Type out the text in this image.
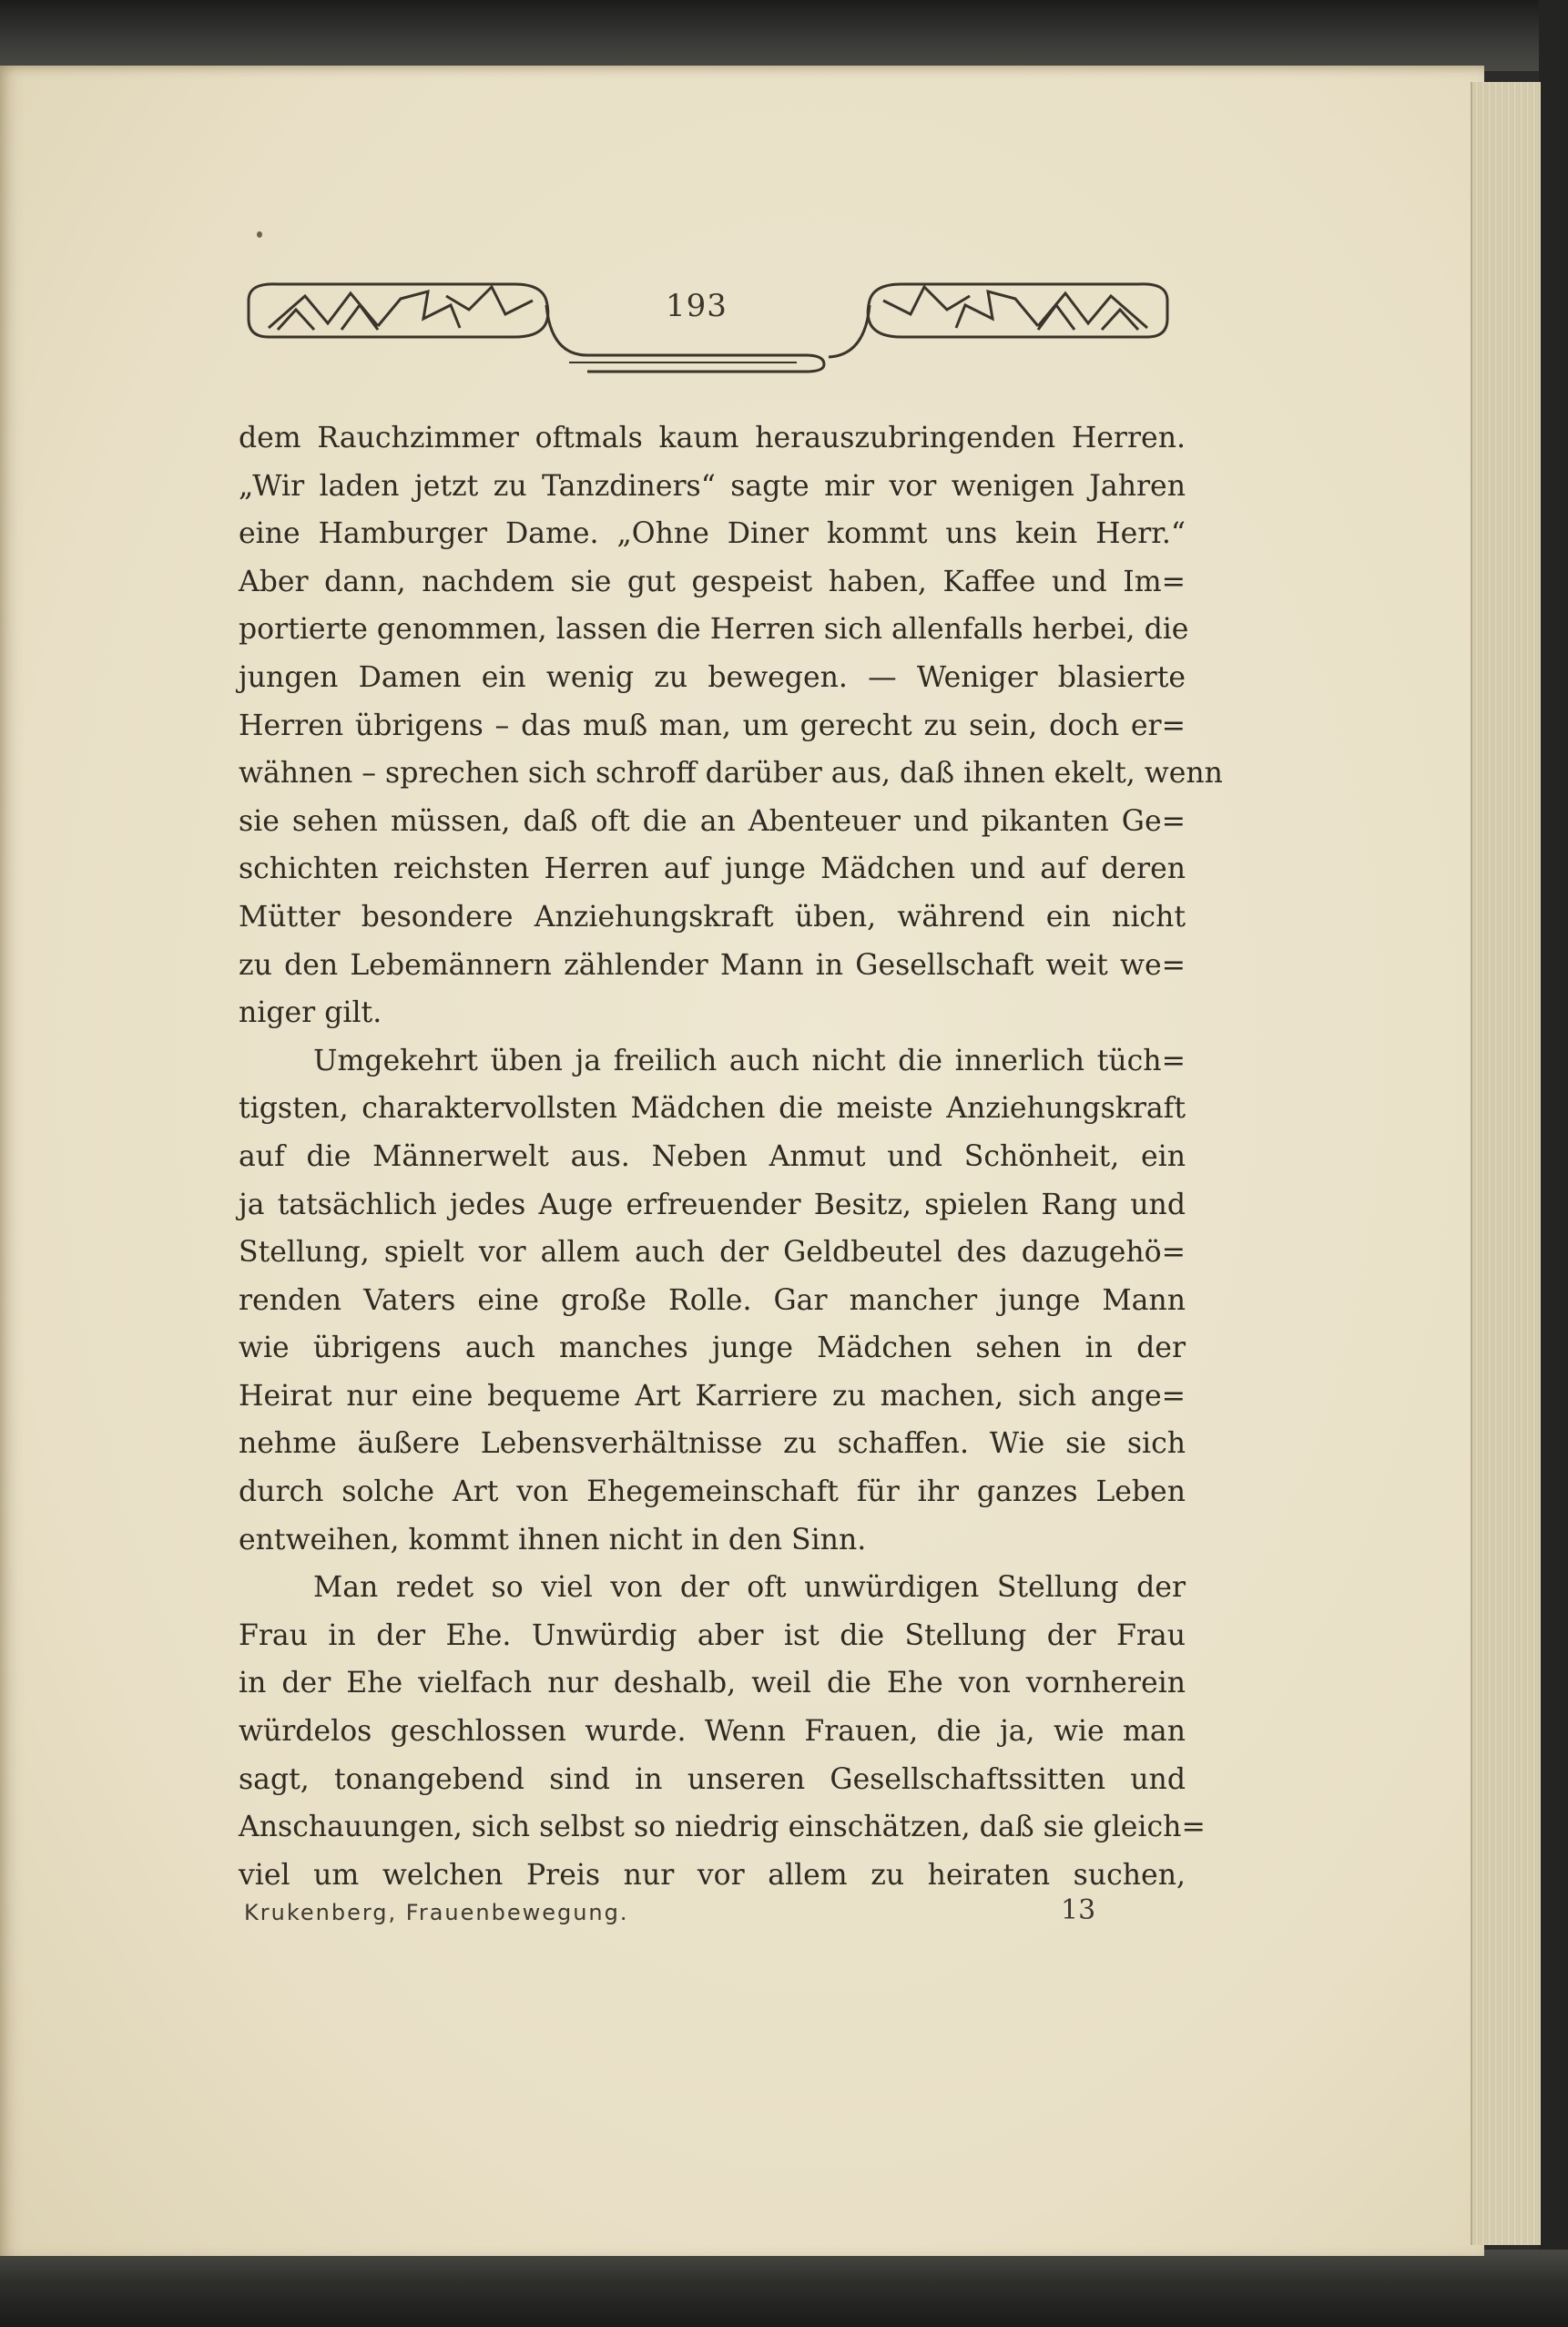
193
dem Rauchzimmer oftmals kaum herauszubringenden Herren.
„Wir laden jetzt zu Tanzdiners“ sagte mir vor wenigen Jahren
eine Hamburger Dame. „Ohne Diner kommt uns kein Herr.“
Aber dann, nachdem sie gut gespeist haben, Kaffee und Im=
portierte genommen, lassen die Herren sich allenfalls herbei, die
jungen Damen ein wenig zu bewegen. — Weniger blasierte
Herren übrigens – das muß man, um gerecht zu sein, doch er=
wähnen – sprechen sich schroff darüber aus, daß ihnen ekelt, wenn
sie sehen müssen, daß oft die an Abenteuer und pikanten Ge=
schichten reichsten Herren auf junge Mädchen und auf deren
Mütter besondere Anziehungskraft üben, während ein nicht
zu den Lebemännern zählender Mann in Gesellschaft weit we=
niger gilt.
Umgekehrt üben ja freilich auch nicht die innerlich tüch=
tigsten, charaktervollsten Mädchen die meiste Anziehungskraft
auf die Männerwelt aus. Neben Anmut und Schönheit, ein
ja tatsächlich jedes Auge erfreuender Besitz, spielen Rang und
Stellung, spielt vor allem auch der Geldbeutel des dazugehö=
renden Vaters eine große Rolle. Gar mancher junge Mann
wie übrigens auch manches junge Mädchen sehen in der
Heirat nur eine bequeme Art Karriere zu machen, sich ange=
nehme äußere Lebensverhältnisse zu schaffen. Wie sie sich
durch solche Art von Ehegemeinschaft für ihr ganzes Leben
entweihen, kommt ihnen nicht in den Sinn.
Man redet so viel von der oft unwürdigen Stellung der
Frau in der Ehe. Unwürdig aber ist die Stellung der Frau
in der Ehe vielfach nur deshalb, weil die Ehe von vornherein
würdelos geschlossen wurde. Wenn Frauen, die ja, wie man
sagt, tonangebend sind in unseren Gesellschaftssitten und
Anschauungen, sich selbst so niedrig einschätzen, daß sie gleich=
viel um welchen Preis nur vor allem zu heiraten suchen,
Krukenberg, Frauenbewegung.	13
